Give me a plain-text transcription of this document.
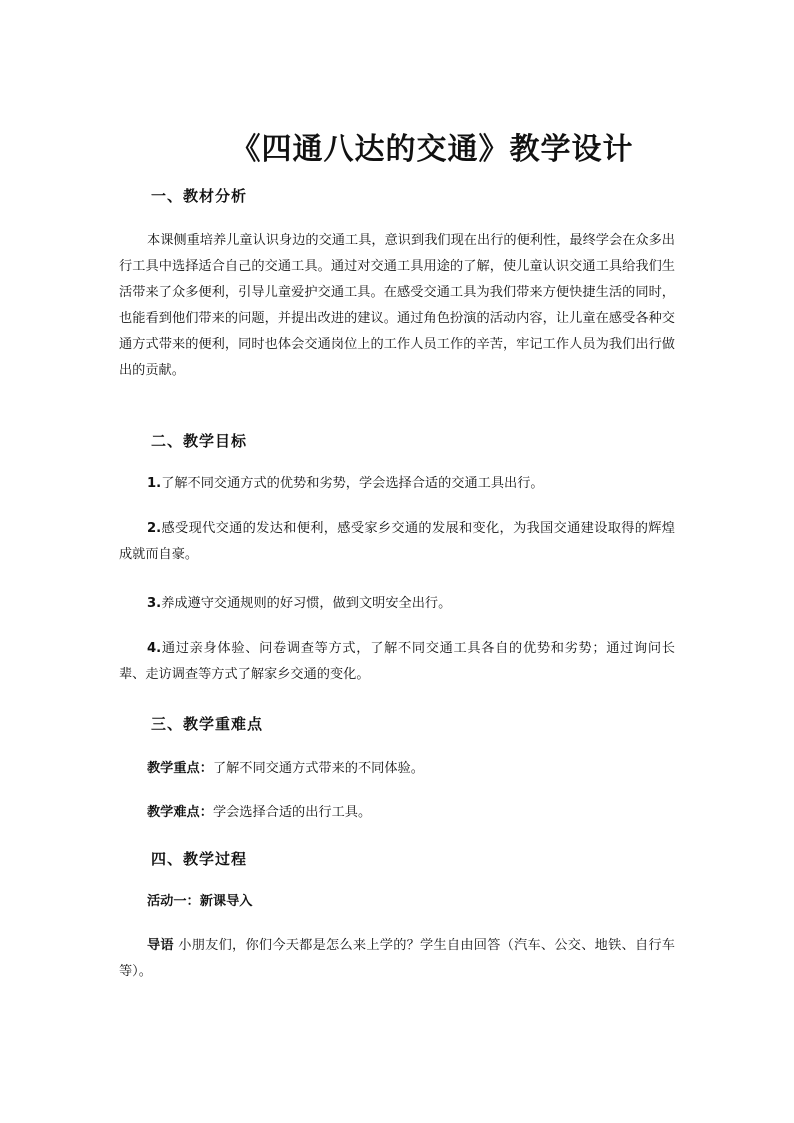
《四通八达的交通》教学设计
一、教材分析
本课侧重培养儿童认识身边的交通工具，意识到我们现在出行的便利性，最终学会在众多出行工具中选择适合自己的交通工具。通过对交通工具用途的了解，使儿童认识交通工具给我们生活带来了众多便利，引导儿童爱护交通工具。在感受交通工具为我们带来方便快捷生活的同时，也能看到他们带来的问题，并提出改进的建议。通过角色扮演的活动内容，让儿童在感受各种交通方式带来的便利，同时也体会交通岗位上的工作人员工作的辛苦，牢记工作人员为我们出行做出的贡献。
二、教学目标
1.了解不同交通方式的优势和劣势，学会选择合适的交通工具出行。
2.感受现代交通的发达和便利，感受家乡交通的发展和变化，为我国交通建设取得的辉煌成就而自豪。
3.养成遵守交通规则的好习惯，做到文明安全出行。
4.通过亲身体验、问卷调查等方式，了解不同交通工具各自的优势和劣势；通过询问长辈、走访调查等方式了解家乡交通的变化。
三、教学重难点
教学重点：了解不同交通方式带来的不同体验。
教学难点：学会选择合适的出行工具。
四、教学过程
活动一：新课导入
导语 小朋友们，你们今天都是怎么来上学的？学生自由回答（汽车、公交、地铁、自行车等）。
